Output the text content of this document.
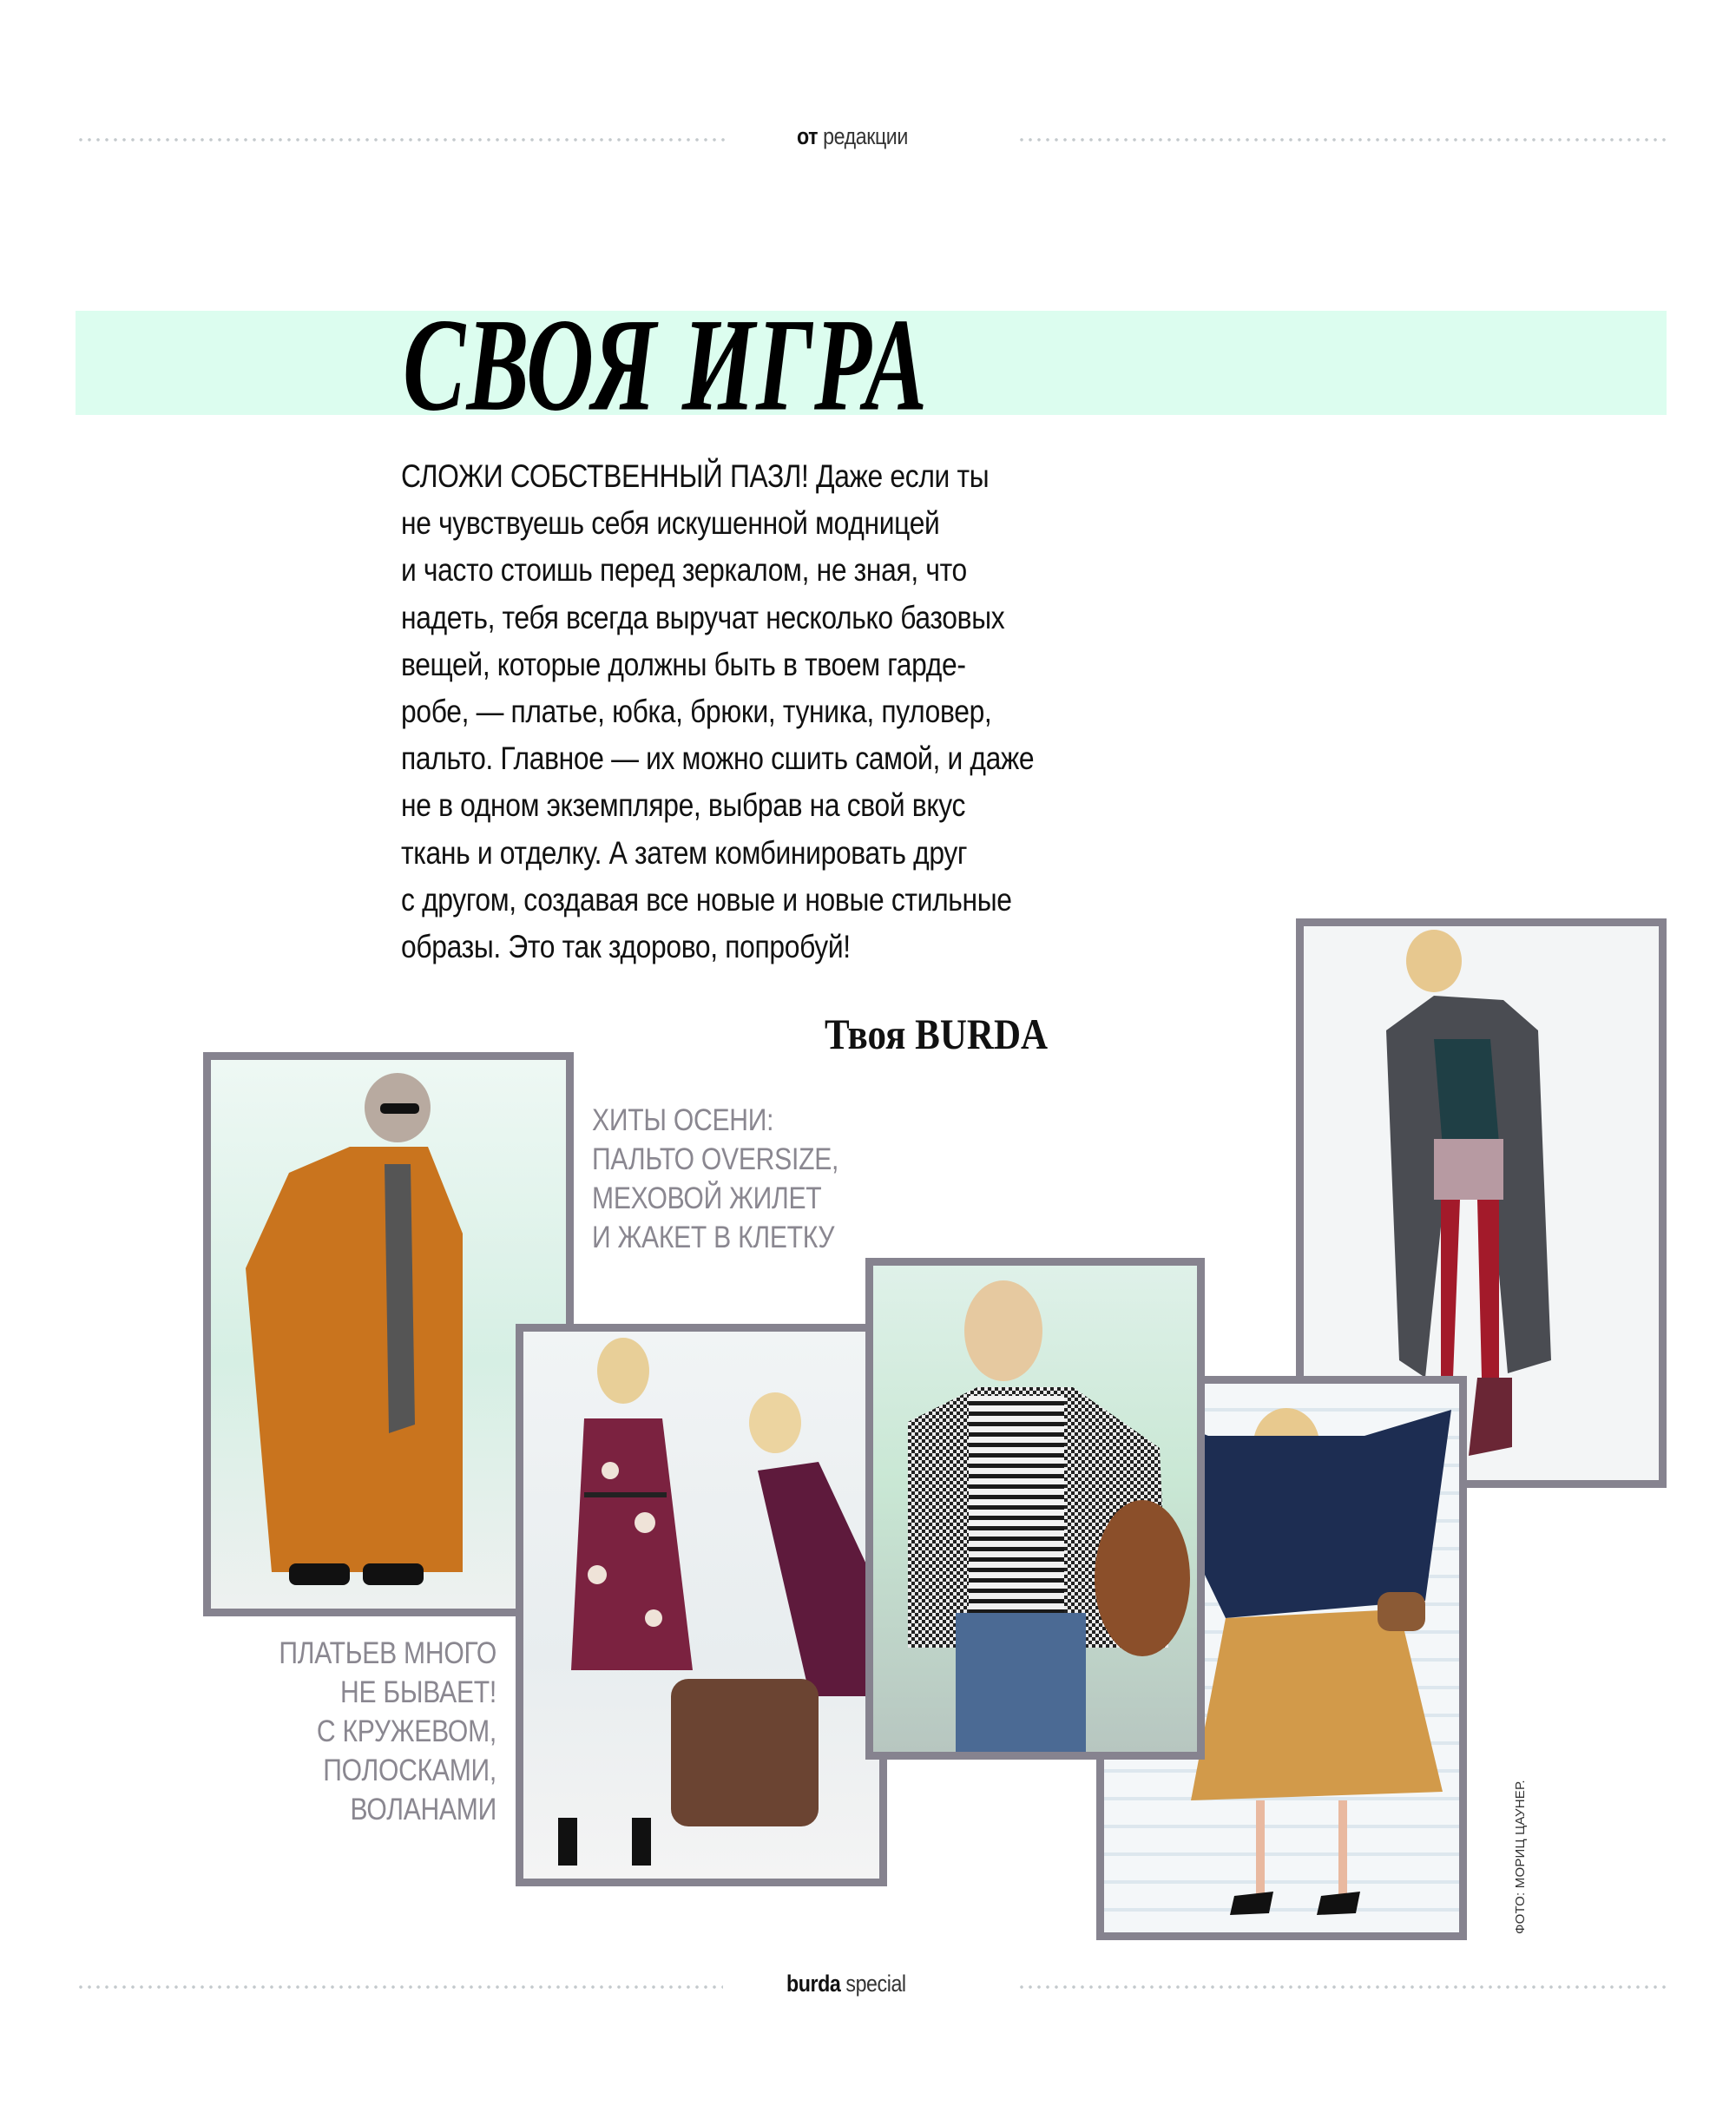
от редакции
СВОЯ ИГРА
СЛОЖИ СОБСТВЕННЫЙ ПАЗЛ! Даже если ты
не чувствуешь себя искушенной модницей
и часто стоишь перед зеркалом, не зная, что
надеть, тебя всегда выручат несколько базовых
вещей, которые должны быть в твоем гарде-
робе, — платье, юбка, брюки, туника, пуловер,
пальто. Главное — их можно сшить самой, и даже
не в одном экземпляре, выбрав на свой вкус
ткань и отделку. А затем комбинировать друг
с другом, создавая все новые и новые стильные
образы. Это так здорово, попробуй!
Твоя BURDA
ХИТЫ ОСЕНИ:
ПАЛЬТО OVERSIZE,
МЕХОВОЙ ЖИЛЕТ
И ЖАКЕТ В КЛЕТКУ
ПЛАТЬЕВ МНОГО
НЕ БЫВАЕТ!
С КРУЖЕВОМ,
ПОЛОСКАМИ,
ВОЛАНАМИ	ФОТО: МОРИЦ ЦАУНЕР.
burda special
